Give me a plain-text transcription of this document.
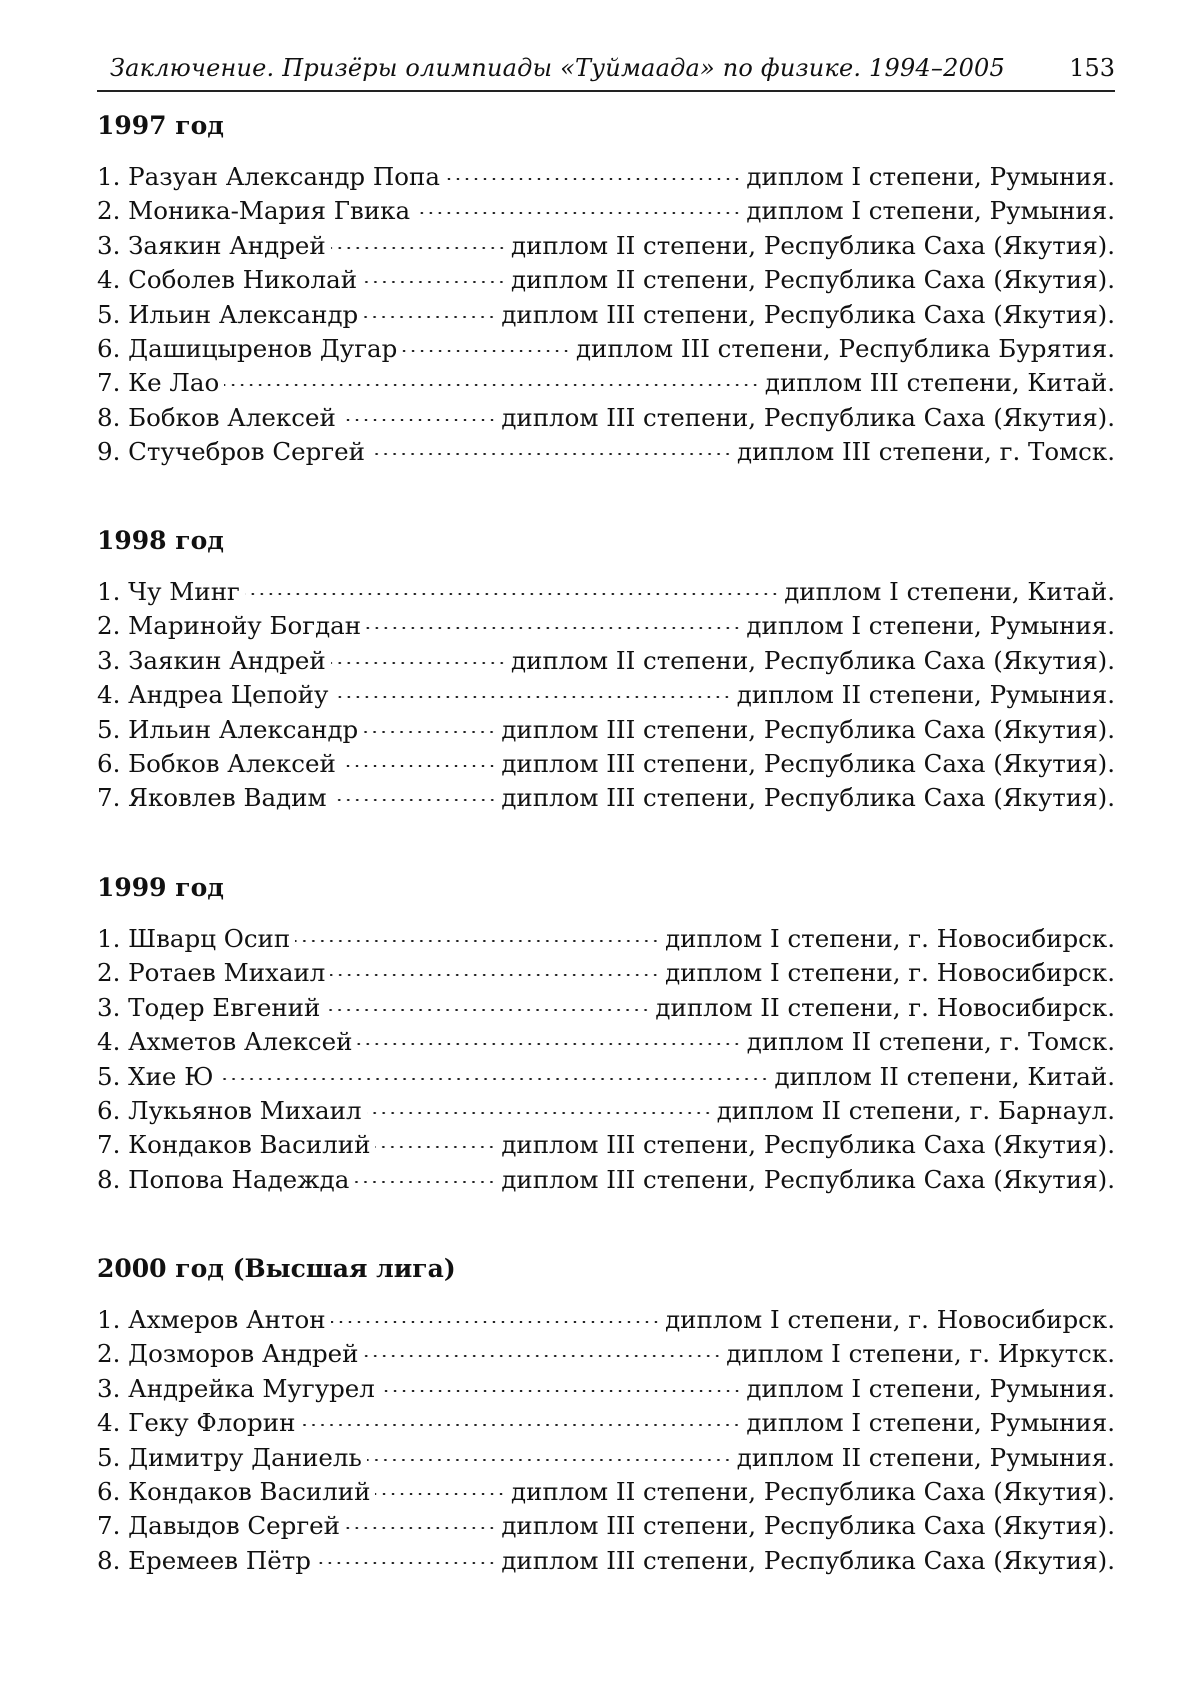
Заключение. Призёры олимпиады «Туймаада» по физике. 1994–2005	153
1997 год
1. Разуан Александр Попа	диплом I степени, Румыния.
2. Моника-Мария Гвика	диплом I степени, Румыния.
3. Заякин Андрей	диплом II степени, Республика Саха (Якутия).
4. Соболев Николай	диплом II степени, Республика Саха (Якутия).
5. Ильин Александр	диплом III степени, Республика Саха (Якутия).
6. Дашицыренов Дугар	диплом III степени, Республика Бурятия.
7. Ке Лао	диплом III степени, Китай.
8. Бобков Алексей	диплом III степени, Республика Саха (Якутия).
9. Стучебров Сергей	диплом III степени, г. Томск.
1998 год
1. Чу Минг	диплом I степени, Китай.
2. Маринойу Богдан	диплом I степени, Румыния.
3. Заякин Андрей	диплом II степени, Республика Саха (Якутия).
4. Андреа Цепойу	диплом II степени, Румыния.
5. Ильин Александр	диплом III степени, Республика Саха (Якутия).
6. Бобков Алексей	диплом III степени, Республика Саха (Якутия).
7. Яковлев Вадим	диплом III степени, Республика Саха (Якутия).
1999 год
1. Шварц Осип	диплом I степени, г. Новосибирск.
2. Ротаев Михаил	диплом I степени, г. Новосибирск.
3. Тодер Евгений	диплом II степени, г. Новосибирск.
4. Ахметов Алексей	диплом II степени, г. Томск.
5. Хие Ю	диплом II степени, Китай.
6. Лукьянов Михаил	диплом II степени, г. Барнаул.
7. Кондаков Василий	диплом III степени, Республика Саха (Якутия).
8. Попова Надежда	диплом III степени, Республика Саха (Якутия).
2000 год (Высшая лига)
1. Ахмеров Антон	диплом I степени, г. Новосибирск.
2. Дозморов Андрей	диплом I степени, г. Иркутск.
3. Андрейка Мугурел	диплом I степени, Румыния.
4. Геку Флорин	диплом I степени, Румыния.
5. Димитру Даниель	диплом II степени, Румыния.
6. Кондаков Василий	диплом II степени, Республика Саха (Якутия).
7. Давыдов Сергей	диплом III степени, Республика Саха (Якутия).
8. Еремеев Пётр	диплом III степени, Республика Саха (Якутия).
